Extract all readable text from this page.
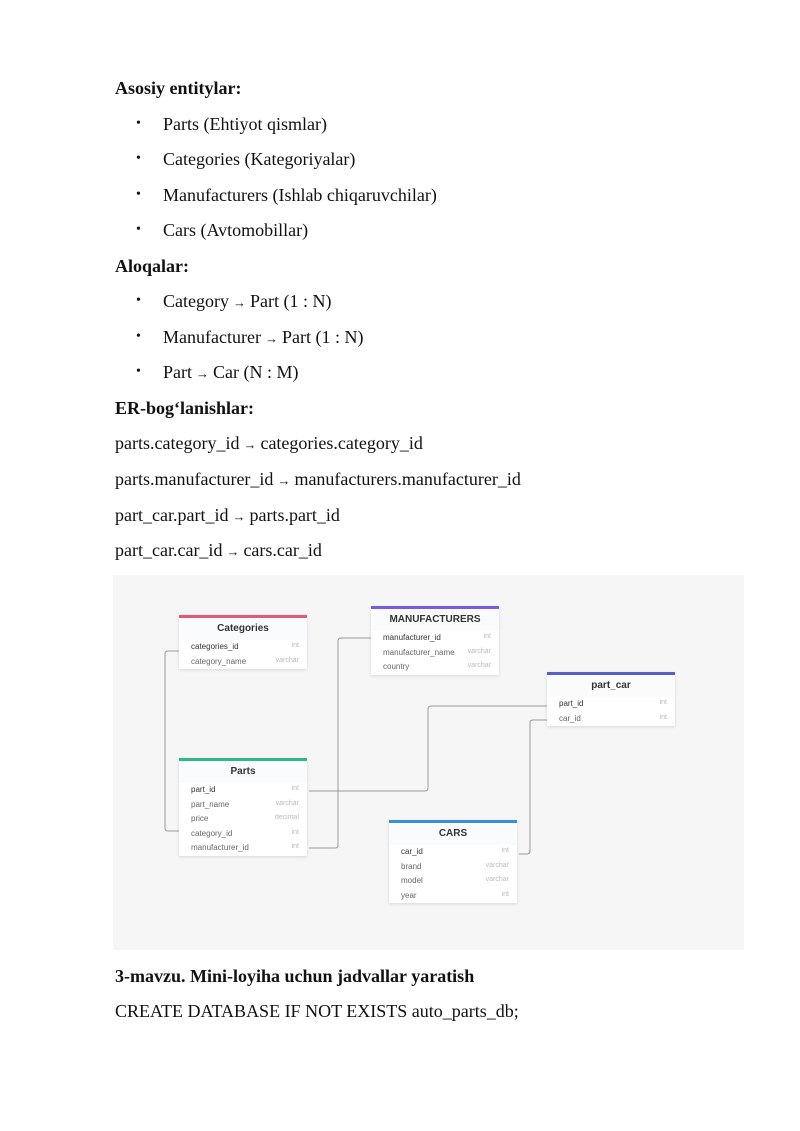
Asosiy entitylar:
• Parts (Ehtiyot qismlar)
• Categories (Kategoriyalar)
• Manufacturers (Ishlab chiqaruvchilar)
• Cars (Avtomobillar)
Aloqalar:
• Category → Part (1 : N)
• Manufacturer → Part (1 : N)
• Part → Car (N : M)
ER-bog‘lanishlar:
parts.category_id → categories.category_id
parts.manufacturer_id → manufacturers.manufacturer_id
part_car.part_id → parts.part_id
part_car.car_id → cars.car_id
Categories
categories_id	int
category_name	varchar
MANUFACTURERS
manufacturer_id	int
manufacturer_name varchar
country	varchar
part_car
part_id	int
car_id	int
Parts
part_id	int
part_name	varchar
price	decimal
category_id	int
manufacturer_id	int
CARS
car_id	int
brand	varchar
model	varchar
year	int
3-mavzu. Mini-loyiha uchun jadvallar yaratish
CREATE DATABASE IF NOT EXISTS auto_parts_db;
